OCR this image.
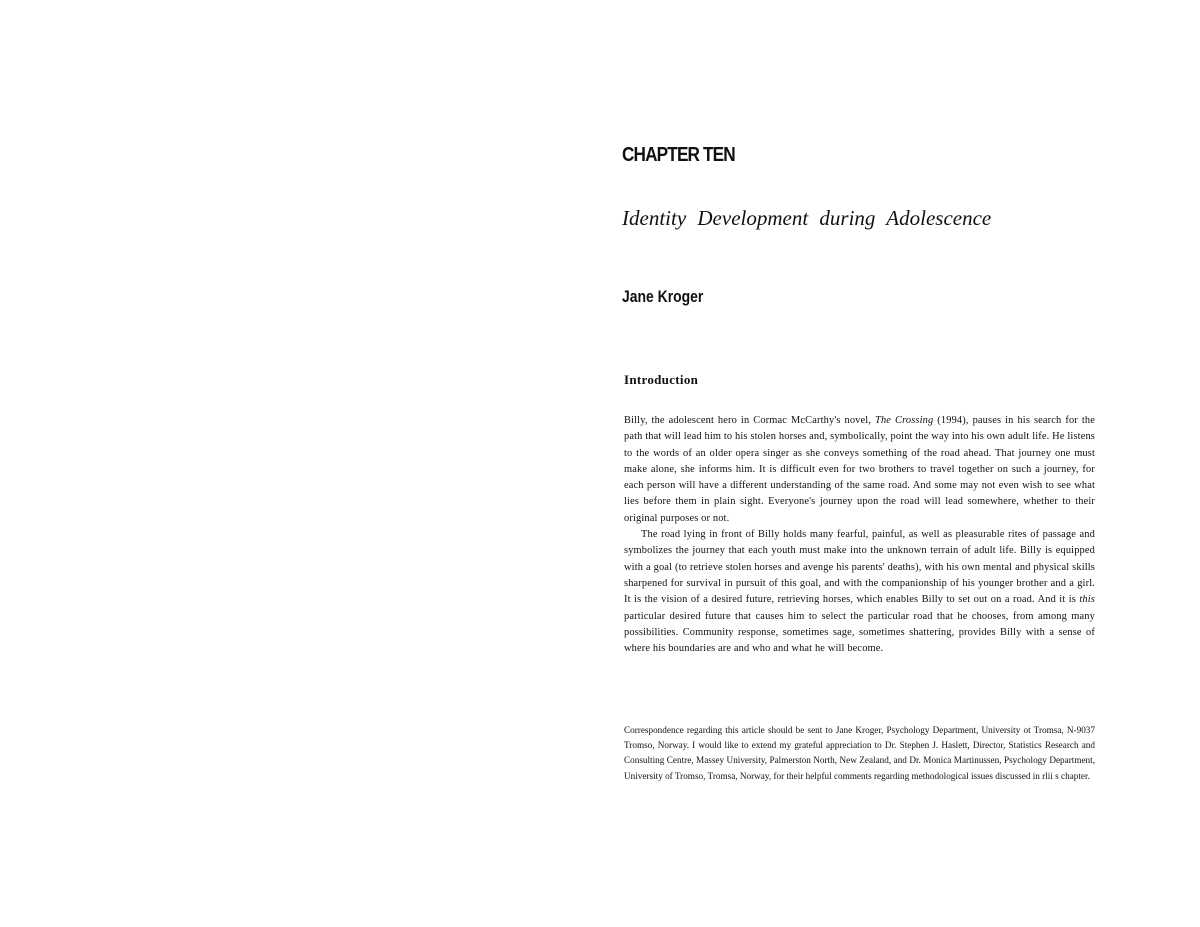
CHAPTER TEN
Identity Development during Adolescence
Jane Kroger
Introduction

Billy, the adolescent hero in Cormac McCarthy's novel, The Crossing (1994), pauses in his search for the path that will lead him to his stolen horses and, symbolically, point the way into his own adult life. He listens to the words of an older opera singer as she conveys something of the road ahead. That journey one must make alone, she informs him. It is difficult even for two brothers to travel together on such a journey, for each person will have a different understanding of the same road. And some may not even wish to see what lies before them in plain sight. Everyone's journey upon the road will lead somewhere, whether to their original purposes or not.

The road lying in front of Billy holds many fearful, painful, as well as pleasurable rites of passage and symbolizes the journey that each youth must make into the unknown terrain of adult life. Billy is equipped with a goal (to retrieve stolen horses and avenge his parents' deaths), with his own mental and physical skills sharpened for survival in pursuit of this goal, and with the companionship of his younger brother and a girl. It is the vision of a desired future, retrieving horses, which enables Billy to set out on a road. And it is this particular desired future that causes him to select the particular road that he chooses, from among many possibilities. Community response, sometimes sage, sometimes shattering, provides Billy with a sense of where his boundaries are and who and what he will become.

Correspondence regarding this article should be sent to Jane Kroger, Psychology Department, University ot Tromsa, N-9037 Tromso, Norway. I would like to extend my grateful appreciation to Dr. Stephen J. Haslett, Director, Statistics Research and Consulting Centre, Massey University, Palmerston North, New Zealand, and Dr. Monica Martinussen, Psychology Department, University of Tromso, Tromsa, Norway, for their helpful comments regarding methodological issues discussed in rlii s chapter.
